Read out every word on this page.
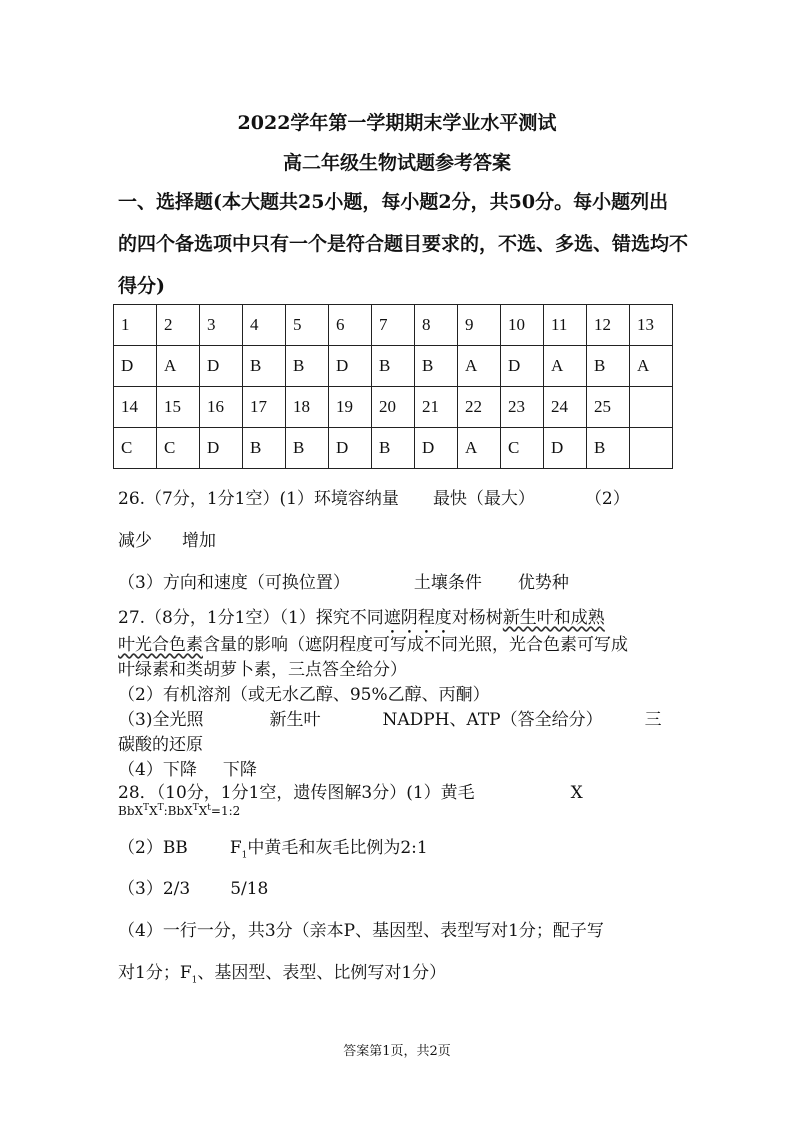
2022学年第一学期期末学业水平测试
高二年级生物试题参考答案
一、选择题(本大题共25小题，每小题2分，共50分。每小题列出
的四个备选项中只有一个是符合题目要求的，不选、多选、错选均不
得分)
1	2	3	4	5	6	7	8	9	10	11	12	13
D	A	D	B	B	D	B	B	A	D	A	B	A
14	15	16	17	18	19	20	21	22	23	24	25	
C	C	D	B	B	D	B	D	A	C	D	B	
26.（7分，1分1空）(1）环境容纳量 最快（最大）	（2）
减少 增加
（3）方向和速度（可换位置）	土壤条件 优势种
27.（8分，1分1空）（1）探究不同遮阴程度对杨树新生叶和成熟
叶光合色素含量的影响（遮阴程度可写成不同光照，光合色素可写成
叶绿素和类胡萝卜素，三点答全给分）
（2）有机溶剂（或无水乙醇、95%乙醇、丙酮）
（3)全光照	新生叶	NADPH、ATP（答全给分） 三
碳酸的还原
（4）下降 下降
28．（10分，1分1空，遗传图解3分）(1）黄毛	X
$BbX^TX^T:BbX^TX^t=1:2$
（2）BB $F_1$中黄毛和灰毛比例为2:1
（3）2/3 5/18
（4）一行一分，共3分（亲本P、基因型、表型写对1分；配子写
对1分；$F_1$、基因型、表型、比例写对1分）
答案第1页，共2页
